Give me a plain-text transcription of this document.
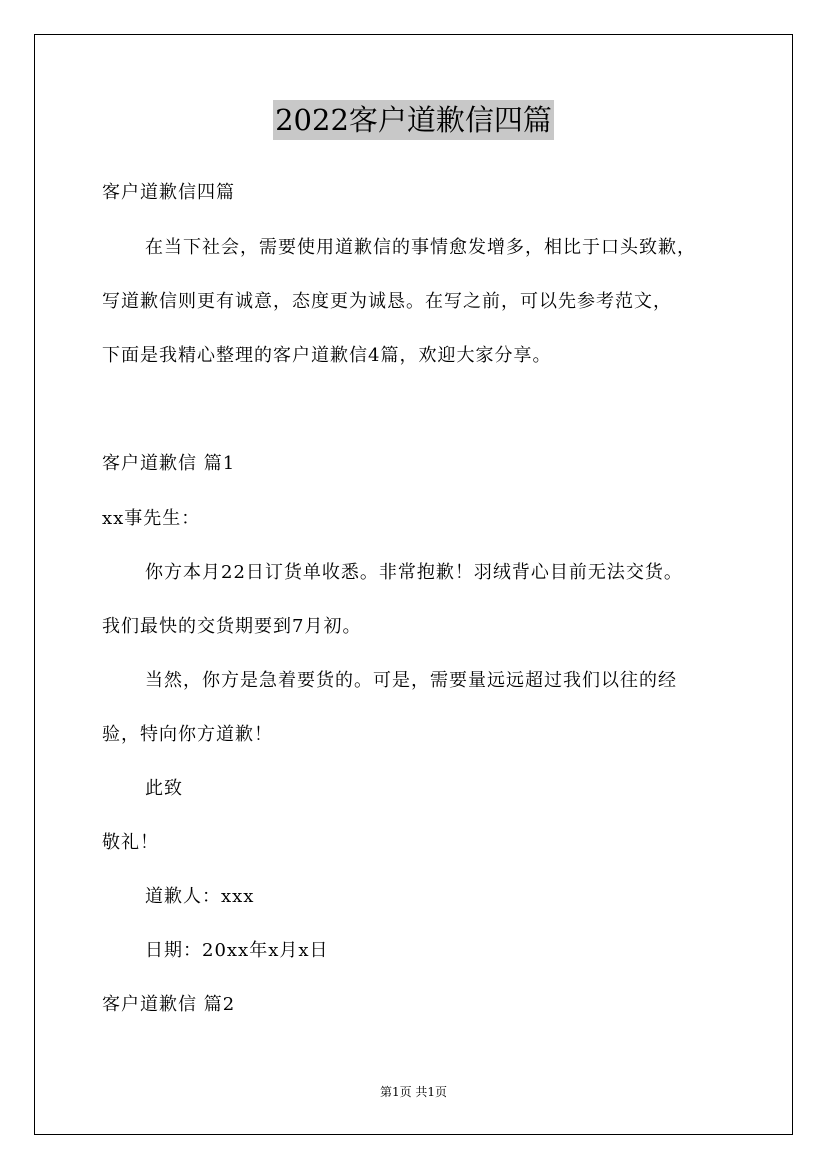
2022客户道歉信四篇
客户道歉信四篇
在当下社会，需要使用道歉信的事情愈发增多，相比于口头致歉，
写道歉信则更有诚意，态度更为诚恳。在写之前，可以先参考范文，
下面是我精心整理的客户道歉信4篇，欢迎大家分享。
客户道歉信 篇1
xx事先生：
你方本月22日订货单收悉。非常抱歉！羽绒背心目前无法交货。
我们最快的交货期要到7月初。
当然，你方是急着要货的。可是，需要量远远超过我们以往的经
验，特向你方道歉！
此致
敬礼！
道歉人：xxx
日期：20xx年x月x日
客户道歉信 篇2
第1页 共1页
